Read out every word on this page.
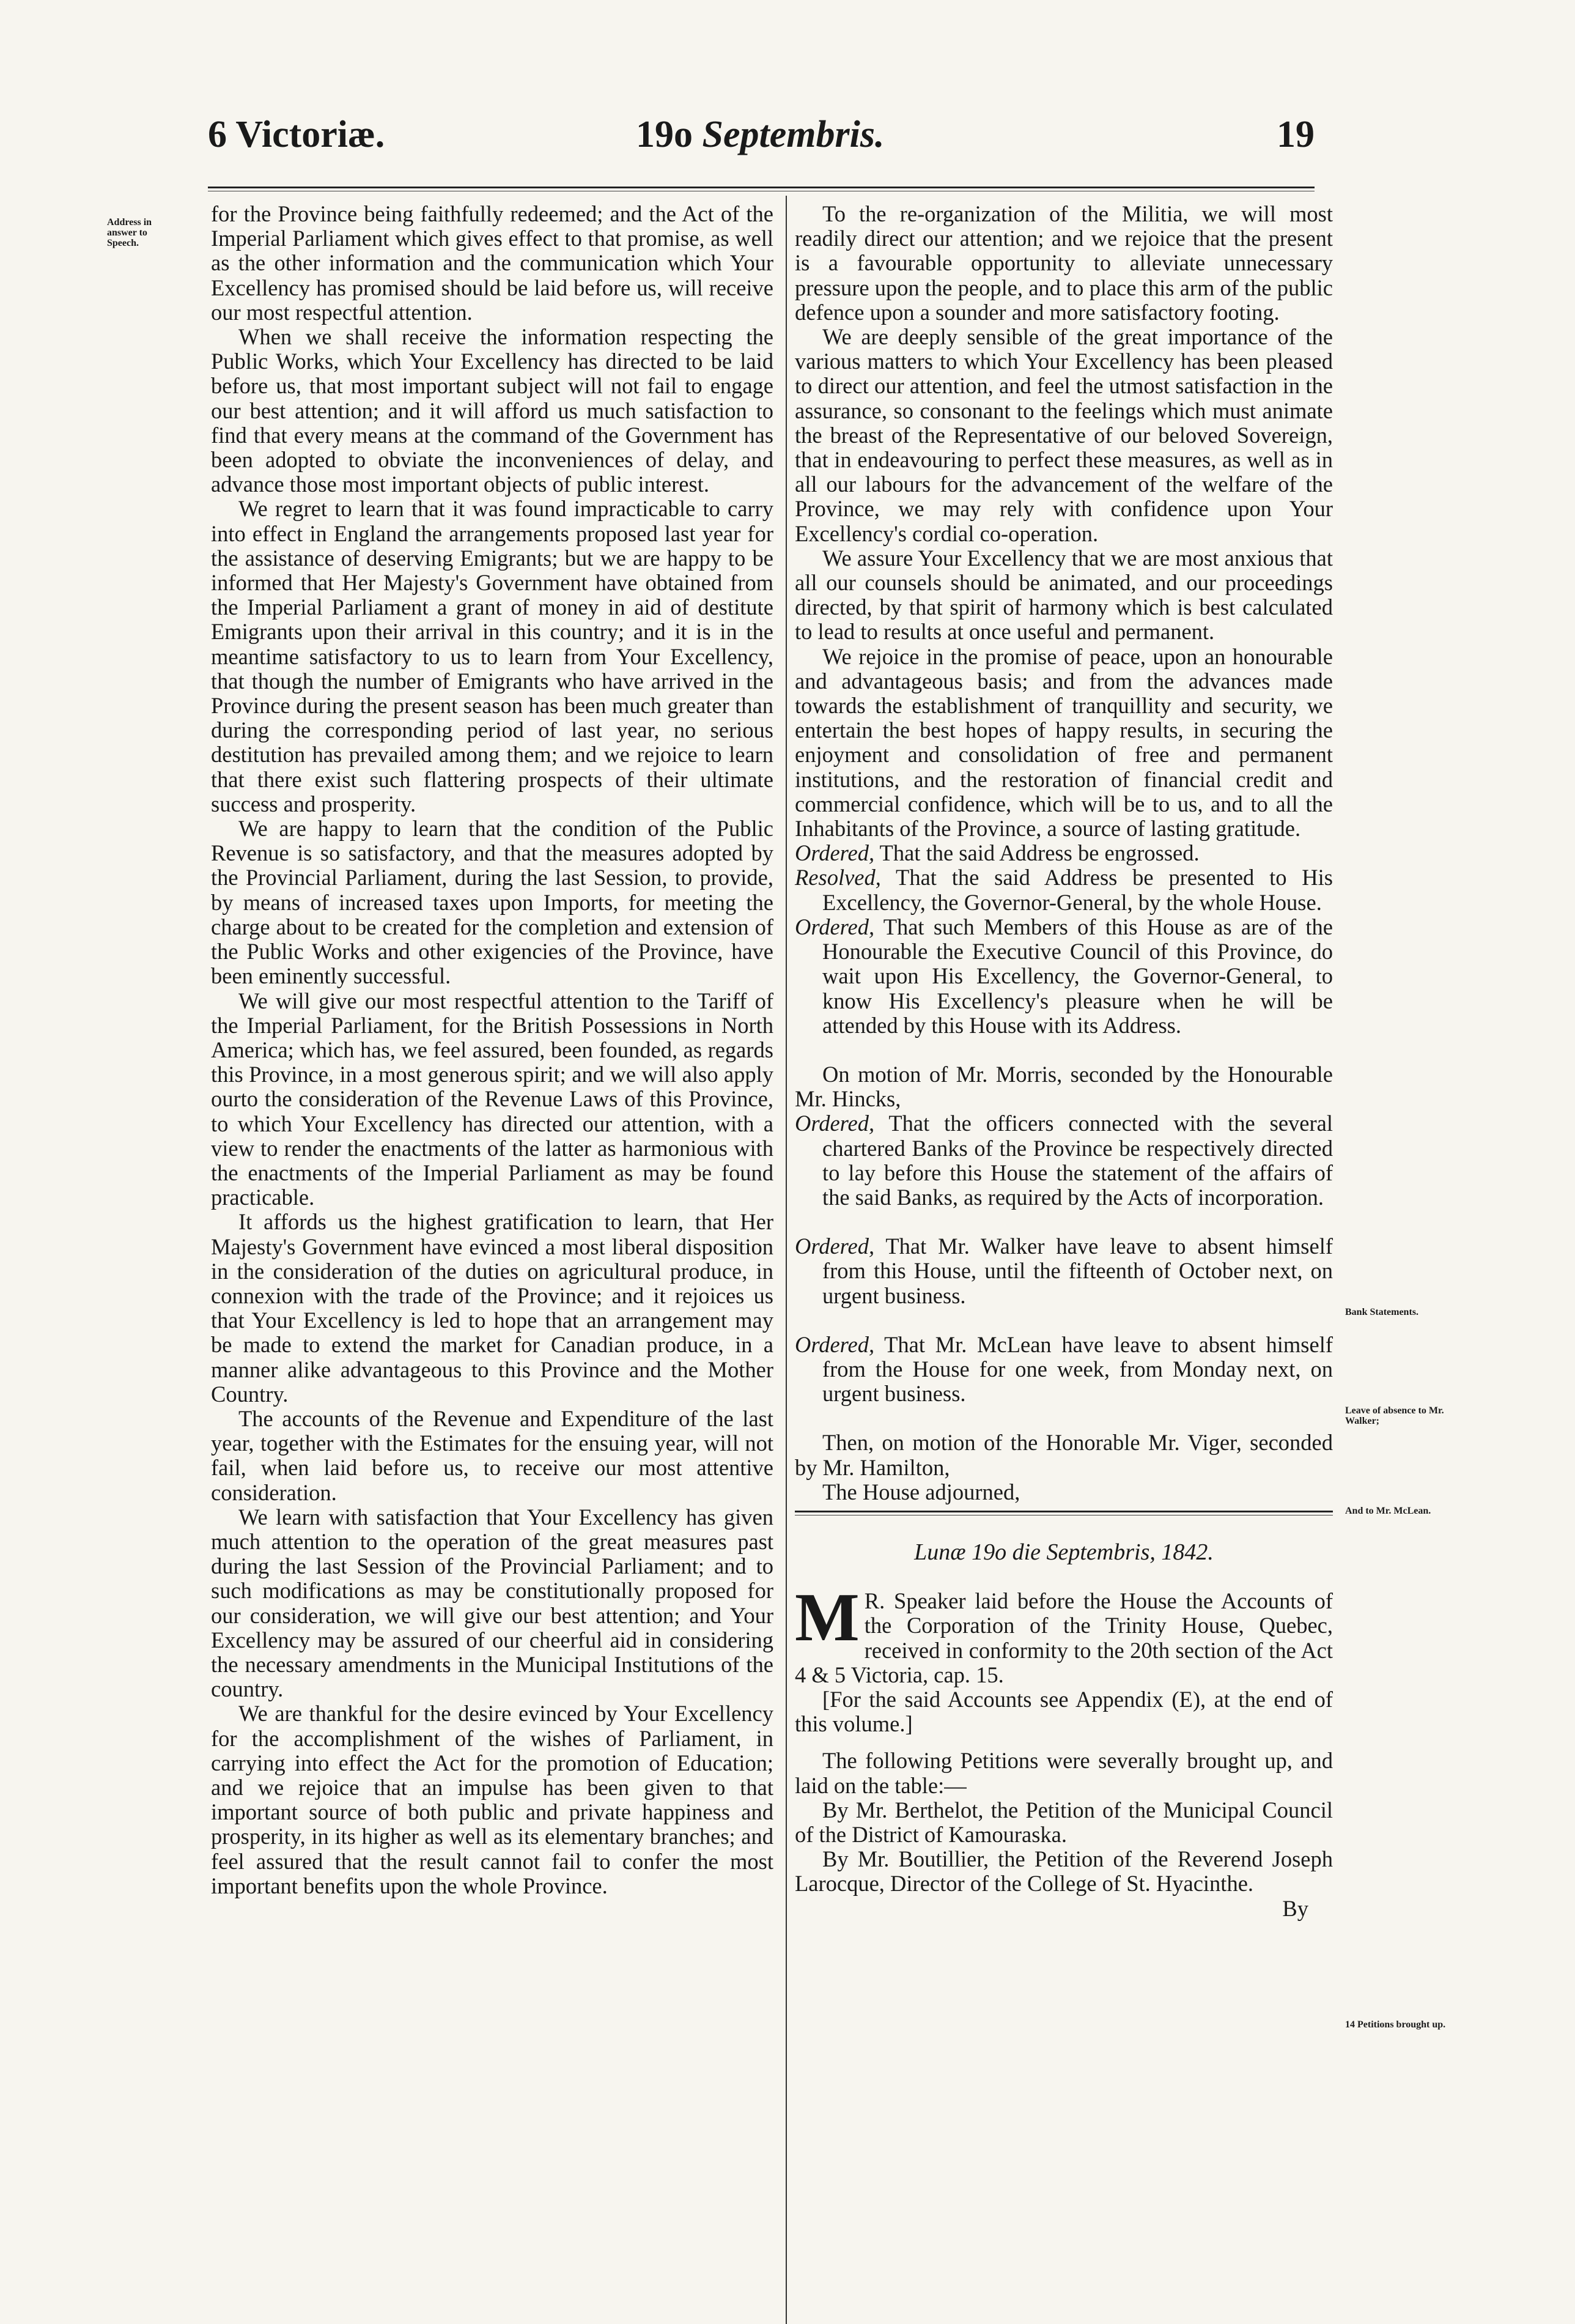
6 Victoriæ.	19o Septembris.	19
Address in answer to Speech.
Bank Statements.
Leave of absence to Mr. Walker;
And to Mr. McLean.
14 Petitions brought up.

for the Province being faithfully redeemed; and the Act of the Imperial Parliament which gives effect to that promise, as well as the other information and the communication which Your Excellency has promised should be laid before us, will receive our most respectful attention.

When we shall receive the information respecting the Public Works, which Your Excellency has directed to be laid before us, that most important subject will not fail to engage our best attention; and it will afford us much satisfaction to find that every means at the command of the Government has been adopted to obviate the inconveniences of delay, and advance those most important objects of public interest.

We regret to learn that it was found impracticable to carry into effect in England the arrangements proposed last year for the assistance of deserving Emigrants; but we are happy to be informed that Her Majesty's Government have obtained from the Imperial Parliament a grant of money in aid of destitute Emigrants upon their arrival in this country; and it is in the meantime satisfactory to us to learn from Your Excellency, that though the number of Emigrants who have arrived in the Province during the present season has been much greater than during the corresponding period of last year, no serious destitution has prevailed among them; and we rejoice to learn that there exist such flattering prospects of their ultimate success and prosperity.

We are happy to learn that the condition of the Public Revenue is so satisfactory, and that the measures adopted by the Provincial Parliament, during the last Session, to provide, by means of increased taxes upon Imports, for meeting the charge about to be created for the completion and extension of the Public Works and other exigencies of the Province, have been eminently successful.

We will give our most respectful attention to the Tariff of the Imperial Parliament, for the British Possessions in North America; which has, we feel assured, been founded, as regards this Province, in a most generous spirit; and we will also apply ourto the consideration of the Revenue Laws of this Province, to which Your Excellency has directed our attention, with a view to render the enactments of the latter as harmonious with the enactments of the Imperial Parliament as may be found practicable.

It affords us the highest gratification to learn, that Her Majesty's Government have evinced a most liberal disposition in the consideration of the duties on agricultural produce, in connexion with the trade of the Province; and it rejoices us that Your Excellency is led to hope that an arrangement may be made to extend the market for Canadian produce, in a manner alike advantageous to this Province and the Mother Country.

The accounts of the Revenue and Expenditure of the last year, together with the Estimates for the ensuing year, will not fail, when laid before us, to receive our most attentive consideration.

We learn with satisfaction that Your Excellency has given much attention to the operation of the great measures past during the last Session of the Provincial Parliament; and to such modifications as may be constitutionally proposed for our consideration, we will give our best attention; and Your Excellency may be assured of our cheerful aid in considering the necessary amendments in the Municipal Institutions of the country.

We are thankful for the desire evinced by Your Excellency for the accomplishment of the wishes of Parliament, in carrying into effect the Act for the promotion of Education; and we rejoice that an impulse has been given to that important source of both public and private happiness and prosperity, in its higher as well as its elementary branches; and feel assured that the result cannot fail to confer the most important benefits upon the whole Province.

To the re-organization of the Militia, we will most readily direct our attention; and we rejoice that the present is a favourable opportunity to alleviate unnecessary pressure upon the people, and to place this arm of the public defence upon a sounder and more satisfactory footing.

We are deeply sensible of the great importance of the various matters to which Your Excellency has been pleased to direct our attention, and feel the utmost satisfaction in the assurance, so consonant to the feelings which must animate the breast of the Representative of our beloved Sovereign, that in endeavouring to perfect these measures, as well as in all our labours for the advancement of the welfare of the Province, we may rely with confidence upon Your Excellency's cordial co-operation.

We assure Your Excellency that we are most anxious that all our counsels should be animated, and our proceedings directed, by that spirit of harmony which is best calculated to lead to results at once useful and permanent.

We rejoice in the promise of peace, upon an honourable and advantageous basis; and from the advances made towards the establishment of tranquillity and security, we entertain the best hopes of happy results, in securing the enjoyment and consolidation of free and permanent institutions, and the restoration of financial credit and commercial confidence, which will be to us, and to all the Inhabitants of the Province, a source of lasting gratitude.

Ordered, That the said Address be engrossed.

Resolved, That the said Address be presented to His Excellency, the Governor-General, by the whole House.

Ordered, That such Members of this House as are of the Honourable the Executive Council of this Province, do wait upon His Excellency, the Governor-General, to know His Excellency's pleasure when he will be attended by this House with its Address.

On motion of Mr. Morris, seconded by the Honourable Mr. Hincks,

Ordered, That the officers connected with the several chartered Banks of the Province be respectively directed to lay before this House the statement of the affairs of the said Banks, as required by the Acts of incorporation.

Ordered, That Mr. Walker have leave to absent himself from this House, until the fifteenth of October next, on urgent business.

Ordered, That Mr. McLean have leave to absent himself from the House for one week, from Monday next, on urgent business.

Then, on motion of the Honorable Mr. Viger, seconded by Mr. Hamilton,

The House adjourned,

Lunæ 19o die Septembris, 1842.

M R. Speaker laid before the House the Accounts of the Corporation of the Trinity House, Quebec, received in conformity to the 20th section of the Act 4 & 5 Victoria, cap. 15.

[For the said Accounts see Appendix (E), at the end of this volume.]

The following Petitions were severally brought up, and laid on the table:—

By Mr. Berthelot, the Petition of the Municipal Council of the District of Kamouraska.

By Mr. Boutillier, the Petition of the Reverend Joseph Larocque, Director of the College of St. Hyacinthe.

By
